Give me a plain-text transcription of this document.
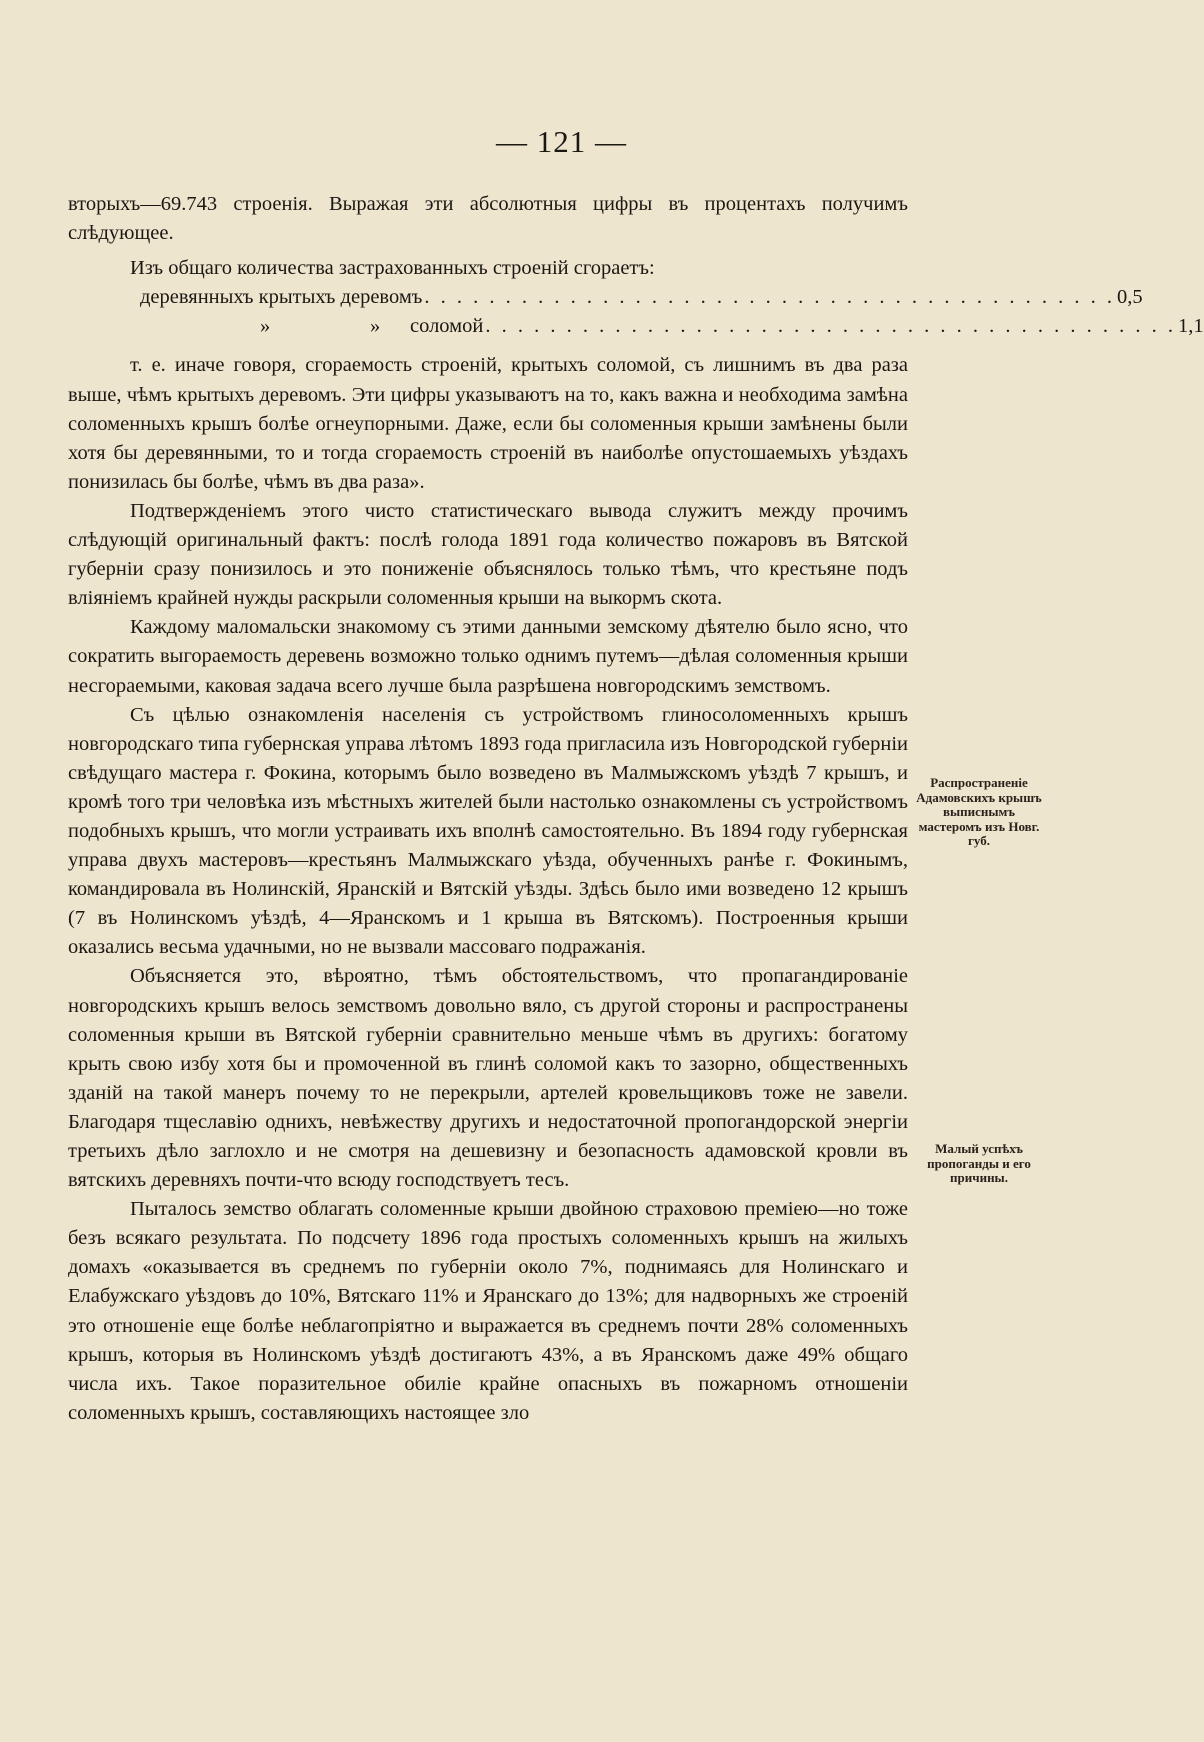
— 121 —

вторыхъ—69.743 строенія. Выражая эти абсолютныя цифры въ процентахъ получимъ слѣдующее.

Изъ общаго количества застрахованныхъ строеній сгораетъ:

деревянныхъ крытыхъ деревомъ . . . . . . . . . . . . . . . . . . . . . . . . . . . . . . . . . . . . . . . . . . . 0,5
»	» соломой . . . . . . . . . . . . . . . . . . . . . . . . . . . . . . . . . . . . . . . . . . . 1,1

т. е. иначе говоря, сгораемость строеній, крытыхъ соломой, съ лишнимъ въ два раза выше, чѣмъ крытыхъ деревомъ. Эти цифры указываютъ на то, какъ важна и необходима замѣна соломенныхъ крышъ болѣе огнеупорными. Даже, если бы соломенныя крыши замѣнены были хотя бы деревянными, то и тогда сгораемость строеній въ наиболѣе опустошаемыхъ уѣздахъ понизилась бы болѣе, чѣмъ въ два раза».

Подтвержденіемъ этого чисто статистическаго вывода служитъ между прочимъ слѣдующій оригинальный фактъ: послѣ голода 1891 года количество пожаровъ въ Вятской губерніи сразу понизилось и это пониженіе объяснялось только тѣмъ, что крестьяне подъ вліяніемъ крайней нужды раскрыли соломенныя крыши на выкормъ скота.

Каждому маломальски знакомому съ этими данными земскому дѣятелю было ясно, что сократить выгораемость деревень возможно только однимъ путемъ—дѣлая соломенныя крыши несгораемыми, каковая задача всего лучше была разрѣшена новгородскимъ земствомъ.

Съ цѣлью ознакомленія населенія съ устройствомъ глиносоломенныхъ крышъ новгородскаго типа губернская управа лѣтомъ 1893 года пригласила изъ Новгородской губерніи свѣдущаго мастера г. Фокина, которымъ было возведено въ Малмыжскомъ уѣздѣ 7 крышъ, и кромѣ того три человѣка изъ мѣстныхъ жителей были настолько ознакомлены съ устройствомъ подобныхъ крышъ, что могли устраивать ихъ вполнѣ самостоятельно. Въ 1894 году губернская управа двухъ мастеровъ—крестьянъ Малмыжскаго уѣзда, обученныхъ ранѣе г. Фокинымъ, командировала въ Нолинскій, Яранскій и Вятскій уѣзды. Здѣсь было ими возведено 12 крышъ (7 въ Нолинскомъ уѣздѣ, 4—Яранскомъ и 1 крыша въ Вятскомъ). Построенныя крыши оказались весьма удачными, но не вызвали массоваго подражанія.

Объясняется это, вѣроятно, тѣмъ обстоятельствомъ, что пропагандированіе новгородскихъ крышъ велось земствомъ довольно вяло, съ другой стороны и распространены соломенныя крыши въ Вятской губерніи сравнительно меньше чѣмъ въ другихъ: богатому крыть свою избу хотя бы и промоченной въ глинѣ соломой какъ то зазорно, общественныхъ зданій на такой манеръ почему то не перекрыли, артелей кровельщиковъ тоже не завели. Благодаря тщеславію однихъ, невѣжеству другихъ и недостаточной пропогандорской энергіи третьихъ дѣло заглохло и не смотря на дешевизну и безопасность адамовской кровли въ вятскихъ деревняхъ почти-что всюду господствуетъ тесъ.

Пыталось земство облагать соломенные крыши двойною страховою преміею—но тоже безъ всякаго результата. По подсчету 1896 года простыхъ соломенныхъ крышъ на жилыхъ домахъ «оказывается въ среднемъ по губерніи около 7%, поднимаясь для Нолинскаго и Елабужскаго уѣздовъ до 10%, Вятскаго 11% и Яранскаго до 13%; для надворныхъ же строеній это отношеніе еще болѣе неблагопріятно и выражается въ среднемъ почти 28% соломенныхъ крышъ, которыя въ Нолинскомъ уѣздѣ достигаютъ 43%, а въ Яранскомъ даже 49% общаго числа ихъ. Такое поразительное обиліе крайне опасныхъ въ пожарномъ отношеніи соломенныхъ крышъ, составляющихъ настоящее зло

Распространеніе Адамовскихъ крышъ выписнымъ мастеромъ изъ Новг. губ.
Малый успѣхъ пропоганды и его причины.
